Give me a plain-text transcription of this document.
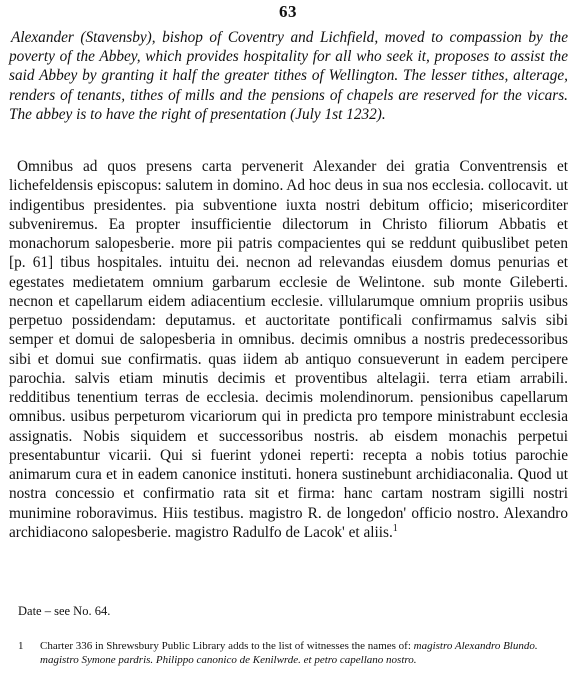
63

Alexander (Stavensby), bishop of Coventry and Lichfield, moved to compassion by the poverty of the Abbey, which provides hospitality for all who seek it, proposes to assist the said Abbey by granting it half the greater tithes of Wellington. The lesser tithes, alterage, renders of tenants, tithes of mills and the pensions of chapels are reserved for the vicars. The abbey is to have the right of presentation (July 1st 1232).

Omnibus ad quos presens carta pervenerit Alexander dei gratia Conventrensis et lichefeldensis episcopus: salutem in domino. Ad hoc deus in sua nos ecclesia. collocavit. ut indigentibus presidentes. pia subventione iuxta nostri debitum officio; misericorditer subveniremus. Ea propter insufficientie dilectorum in Christo filiorum Abbatis et monachorum salopesberie. more pii patris compacientes qui se reddunt quibuslibet peten [p. 61] tibus hospitales. intuitu dei. necnon ad relevandas eiusdem domus penurias et egestates medietatem omnium garbarum ecclesie de Welintone. sub monte Gileberti. necnon et capellarum eidem adiacentium ecclesie. villularumque omnium propriis usibus perpetuo possidendam: deputamus. et auctoritate pontificali confirmamus salvis sibi semper et domui de salopesberia in omnibus. decimis omnibus a nostris predecessoribus sibi et domui sue confirmatis. quas iidem ab antiquo consueverunt in eadem percipere parochia. salvis etiam minutis decimis et proventibus altelagii. terra etiam arrabili. redditibus tenentium terras de ecclesia. decimis molendinorum. pensionibus capellarum omnibus. usibus perpeturom vicariorum qui in predicta pro tempore ministrabunt ecclesia assignatis. Nobis siquidem et successoribus nostris. ab eisdem monachis perpetui presentabuntur vicarii. Qui si fuerint ydonei reperti: recepta a nobis totius parochie animarum cura et in eadem canonice instituti. honera sustinebunt archidiaconalia. Quod ut nostra concessio et confirmatio rata sit et firma: hanc cartam nostram sigilli nostri munimine roboravimus. Hiis testibus. magistro R. de longedon' officio nostro. Alexandro archidiacono salopesberie. magistro Radulfo de Lacok' et aliis.$^1$

Date – see No. 64.
1 Charter 336 in Shrewsbury Public Library adds to the list of witnesses the names of: magistro Alexandro Blundo. magistro Symone pardris. Philippo canonico de Kenilwrde. et petro capellano nostro.
